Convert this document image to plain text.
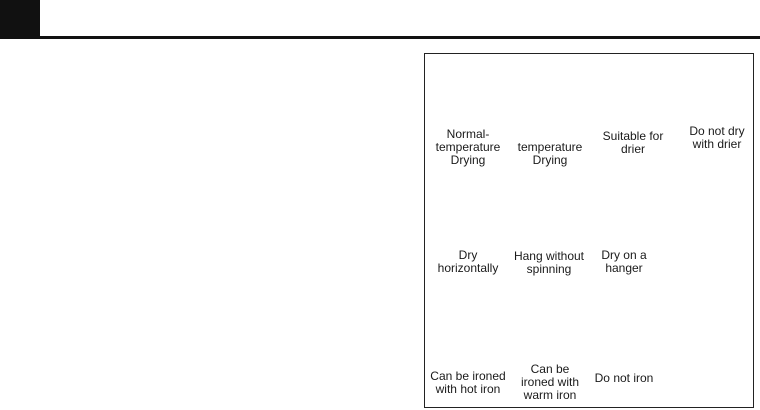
Normal-
temperature
Drying
temperature
Drying
Suitable for
drier
Do not dry
with drier
Dry
horizontally
Hang without
spinning
Dry on a
hanger
Can be ironed
with hot iron
Can be
ironed with
warm iron
Do not iron
